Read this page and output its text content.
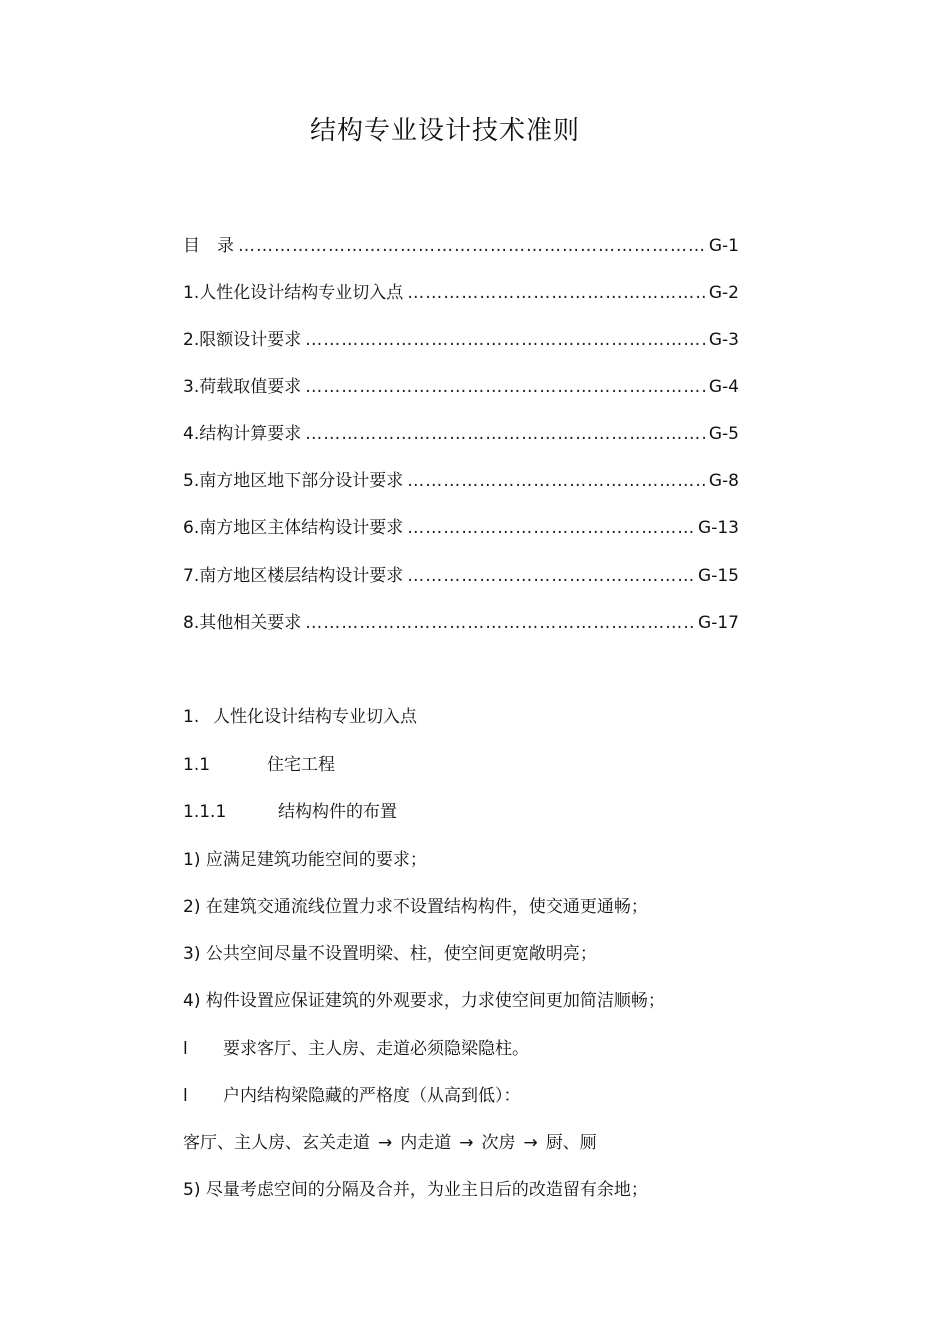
结构专业设计技术准则
目　录 ……………………………………………………………………………………………………………………	G-1
1.人性化设计结构专业切入点 ……………………………………………………………………………………………………………………	G-2
2.限额设计要求 ……………………………………………………………………………………………………………………	G-3
3.荷载取值要求 ……………………………………………………………………………………………………………………	G-4
4.结构计算要求 ……………………………………………………………………………………………………………………	G-5
5.南方地区地下部分设计要求 ……………………………………………………………………………………………………………………	G-8
6.南方地区主体结构设计要求 ……………………………………………………………………………………………………………………	G-13
7.南方地区楼层结构设计要求 ……………………………………………………………………………………………………………………	G-15
8.其他相关要求 ……………………………………………………………………………………………………………………	G-17
1. 人性化设计结构专业切入点
1.1	住宅工程
1.1.1	结构构件的布置
1) 应满足建筑功能空间的要求；
2) 在建筑交通流线位置力求不设置结构构件，使交通更通畅；
3) 公共空间尽量不设置明梁、柱，使空间更宽敞明亮；
4) 构件设置应保证建筑的外观要求，力求使空间更加简洁顺畅；
l 要求客厅、主人房、走道必须隐梁隐柱。
l 户内结构梁隐藏的严格度（从高到低）：
客厅、主人房、玄关走道 → 内走道 → 次房 → 厨、厕
5) 尽量考虑空间的分隔及合并，为业主日后的改造留有余地；
